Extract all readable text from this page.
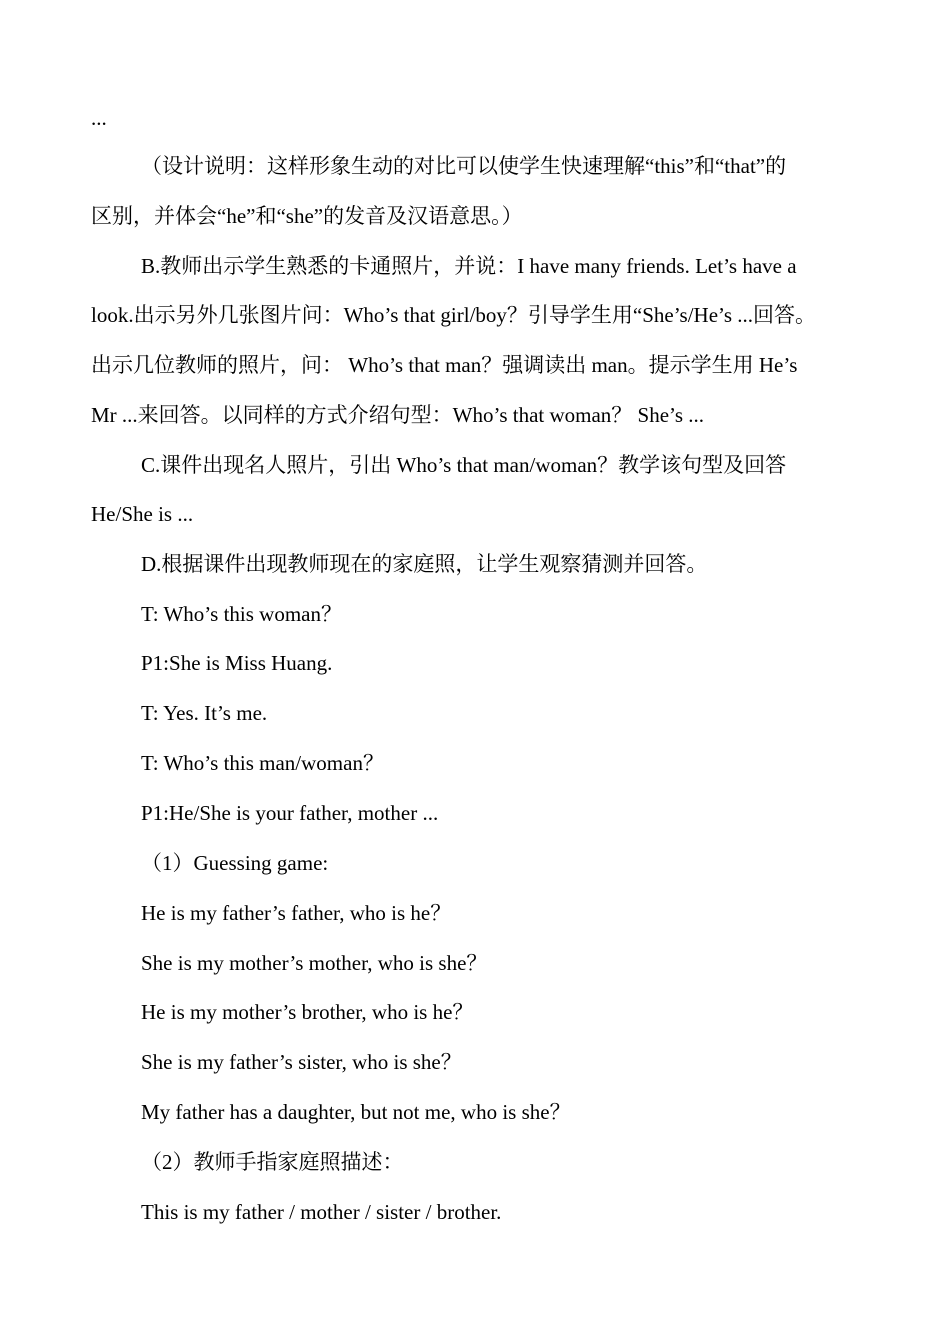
...
（设计说明：这样形象生动的对比可以使学生快速理解“this”和“that”的
区别，并体会“he”和“she”的发音及汉语意思。）
B.教师出示学生熟悉的卡通照片，并说：I have many friends. Let’s have a
look.出示另外几张图片问：Who’s that girl/boy？引导学生用“She’s/He’s ...回答。
出示几位教师的照片，问： Who’s that man？强调读出 man。提示学生用 He’s
Mr ...来回答。以同样的方式介绍句型：Who’s that woman？ She’s ...
C.课件出现名人照片，引出 Who’s that man/woman？教学该句型及回答
He/She is ...
D.根据课件出现教师现在的家庭照，让学生观察猜测并回答。
T: Who’s this woman？
P1:She is Miss Huang.
T: Yes. It’s me.
T: Who’s this man/woman？
P1:He/She is your father, mother ...
（1）Guessing game:
He is my father’s father, who is he？
She is my mother’s mother, who is she？
He is my mother’s brother, who is he？
She is my father’s sister, who is she？
My father has a daughter, but not me, who is she？
（2）教师手指家庭照描述：
This is my father / mother / sister / brother.
